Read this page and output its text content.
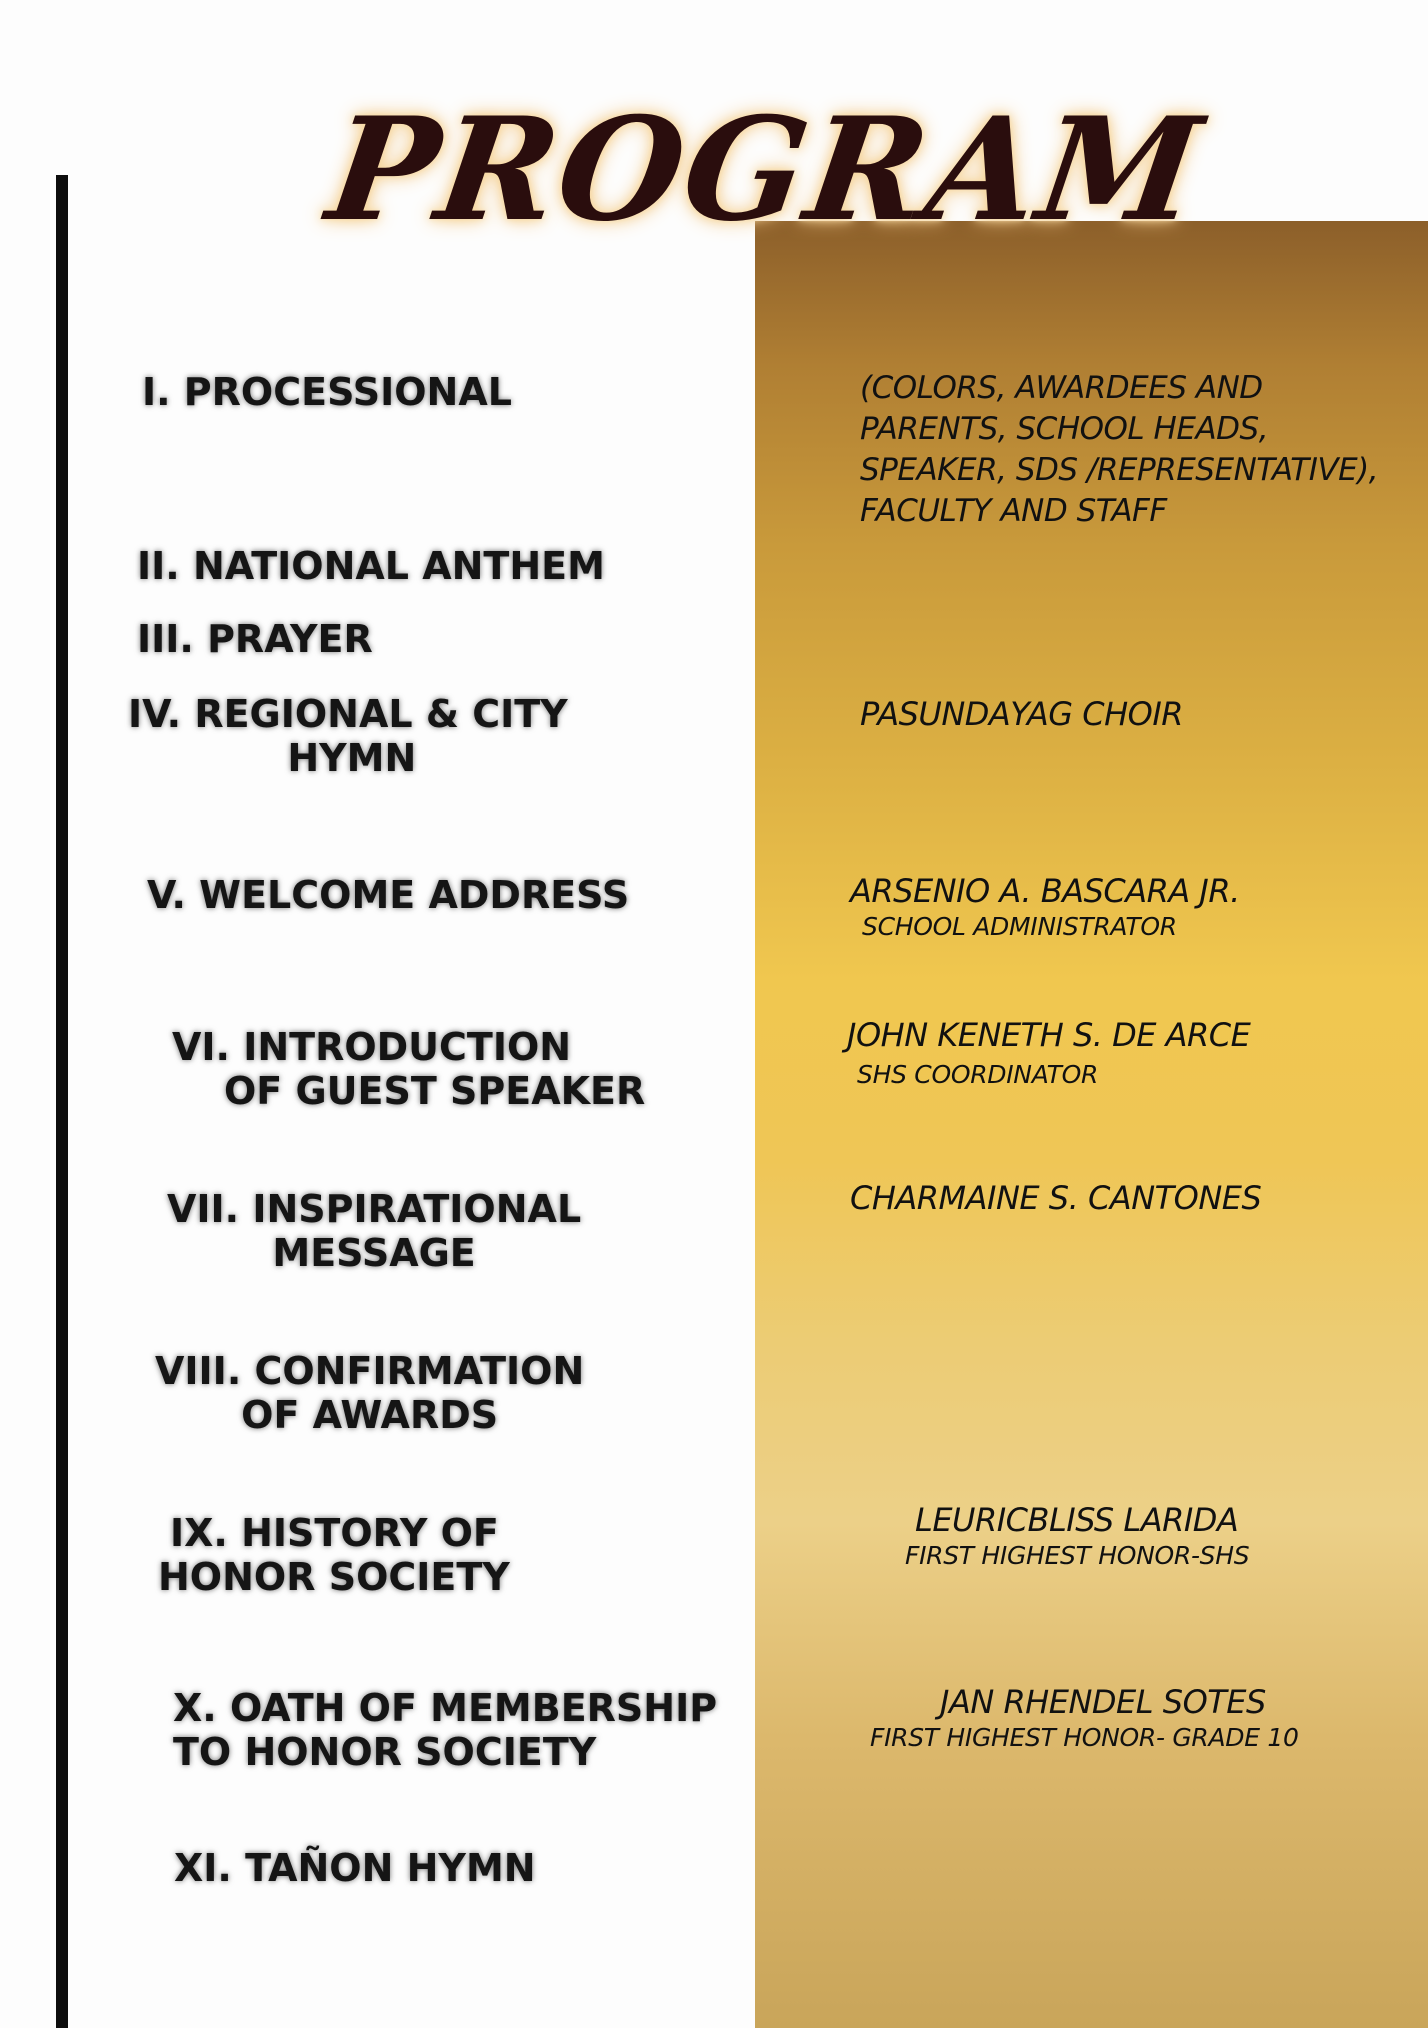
PROGRAM
I. PROCESSIONAL
II. NATIONAL ANTHEM
III. PRAYER
IV. REGIONAL & CITY
HYMN
V. WELCOME ADDRESS
VI. INTRODUCTION
OF GUEST SPEAKER
VII. INSPIRATIONAL
MESSAGE
VIII. CONFIRMATION
OF AWARDS
IX. HISTORY OF
HONOR SOCIETY
X. OATH OF MEMBERSHIP
TO HONOR SOCIETY
XI. TAÑON HYMN
(COLORS, AWARDEES AND
PARENTS, SCHOOL HEADS,
SPEAKER, SDS /REPRESENTATIVE),
FACULTY AND STAFF
PASUNDAYAG CHOIR
ARSENIO A. BASCARA JR.
SCHOOL ADMINISTRATOR
JOHN KENETH S. DE ARCE
SHS COORDINATOR
CHARMAINE S. CANTONES
LEURICBLISS LARIDA
FIRST HIGHEST HONOR-SHS
JAN RHENDEL SOTES
FIRST HIGHEST HONOR- GRADE 10
